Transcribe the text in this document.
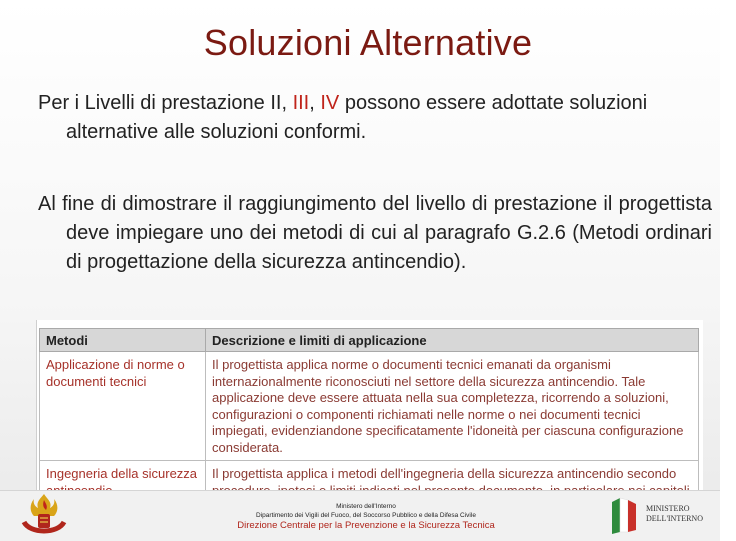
Soluzioni Alternative
Per i Livelli di prestazione II, III, IV possono essere adottate soluzioni alternative alle soluzioni conformi.
Al fine di dimostrare il raggiungimento del livello di prestazione il progettista deve impiegare uno dei metodi di cui al paragrafo G.2.6 (Metodi ordinari di progettazione della sicurezza antincendio).
Metodi	Descrizione e limiti di applicazione
Applicazione di norme o documenti tecnici	Il progettista applica norme o documenti tecnici emanati da organismi internazionalmente riconosciuti nel settore della sicurezza antincendio. Tale applicazione deve essere attuata nella sua completezza, ricorrendo a soluzioni, configurazioni o componenti richiamati nelle norme o nei documenti tecnici impiegati, evidenziandone specificatamente l'idoneità per ciascuna configurazione considerata.
Ingegneria della sicurezza	Il progettista applica i metodi dell'ingegneria della sicurezza antincendio secondo
Ministero dell'Interno
Dipartimento dei Vigili del Fuoco, del Soccorso Pubblico e della Difesa Civile
Direzione Centrale per la Prevenzione e la Sicurezza Tecnica
MINISTERO DELL'INTERNO
